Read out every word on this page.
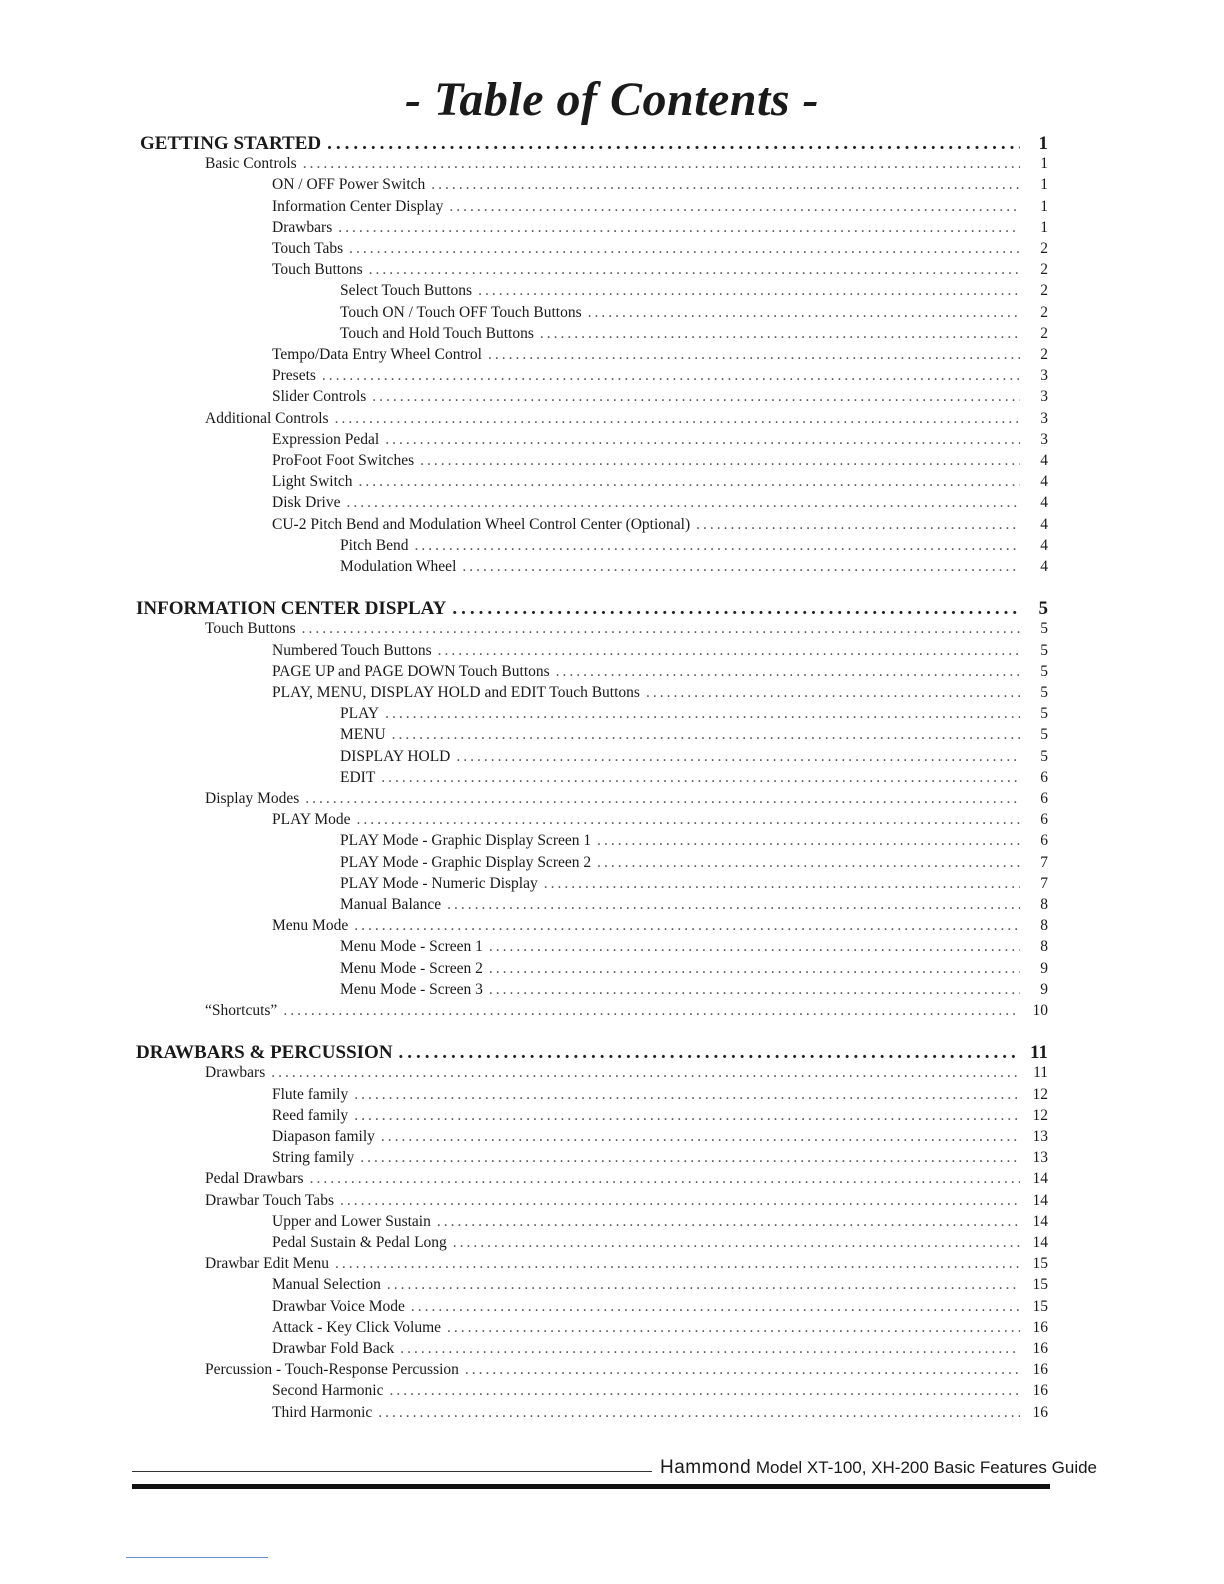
- Table of Contents -
GETTING STARTED .....	1
Basic Controls .....	1
ON / OFF Power Switch .....	1
Information Center Display .....	1
Drawbars .....	1
Touch Tabs .....	2
Touch Buttons .....	2
Select Touch Buttons .....	2
Touch ON / Touch OFF Touch Buttons .....	2
Touch and Hold Touch Buttons .....	2
Tempo/Data Entry Wheel Control .....	2
Presets .....	3
Slider Controls .....	3
Additional Controls .....	3
Expression Pedal .....	3
ProFoot Foot Switches .....	4
Light Switch .....	4
Disk Drive .....	4
CU-2 Pitch Bend and Modulation Wheel Control Center (Optional) .....	4
Pitch Bend .....	4
Modulation Wheel .....	4
INFORMATION CENTER DISPLAY .....	5
Touch Buttons .....	5
Numbered Touch Buttons .....	5
PAGE UP and PAGE DOWN Touch Buttons .....	5
PLAY, MENU, DISPLAY HOLD and EDIT Touch Buttons .....	5
PLAY .....	5
MENU .....	5
DISPLAY HOLD .....	5
EDIT .....	6
Display Modes .....	6
PLAY Mode .....	6
PLAY Mode - Graphic Display Screen 1 .....	6
PLAY Mode - Graphic Display Screen 2 .....	7
PLAY Mode - Numeric Display .....	7
Manual Balance .....	8
Menu Mode .....	8
Menu Mode - Screen 1 .....	8
Menu Mode - Screen 2 .....	9
Menu Mode - Screen 3 .....	9
“Shortcuts” .....	10
DRAWBARS & PERCUSSION .....	11
Drawbars .....	11
Flute family .....	12
Reed family .....	12
Diapason family .....	13
String family .....	13
Pedal Drawbars .....	14
Drawbar Touch Tabs .....	14
Upper and Lower Sustain .....	14
Pedal Sustain & Pedal Long .....	14
Drawbar Edit Menu .....	15
Manual Selection .....	15
Drawbar Voice Mode .....	15
Attack - Key Click Volume .....	16
Drawbar Fold Back .....	16
Percussion - Touch-Response Percussion .....	16
Second Harmonic .....	16
Third Harmonic .....	16
Hammond Model XT-100, XH-200 Basic Features Guide
